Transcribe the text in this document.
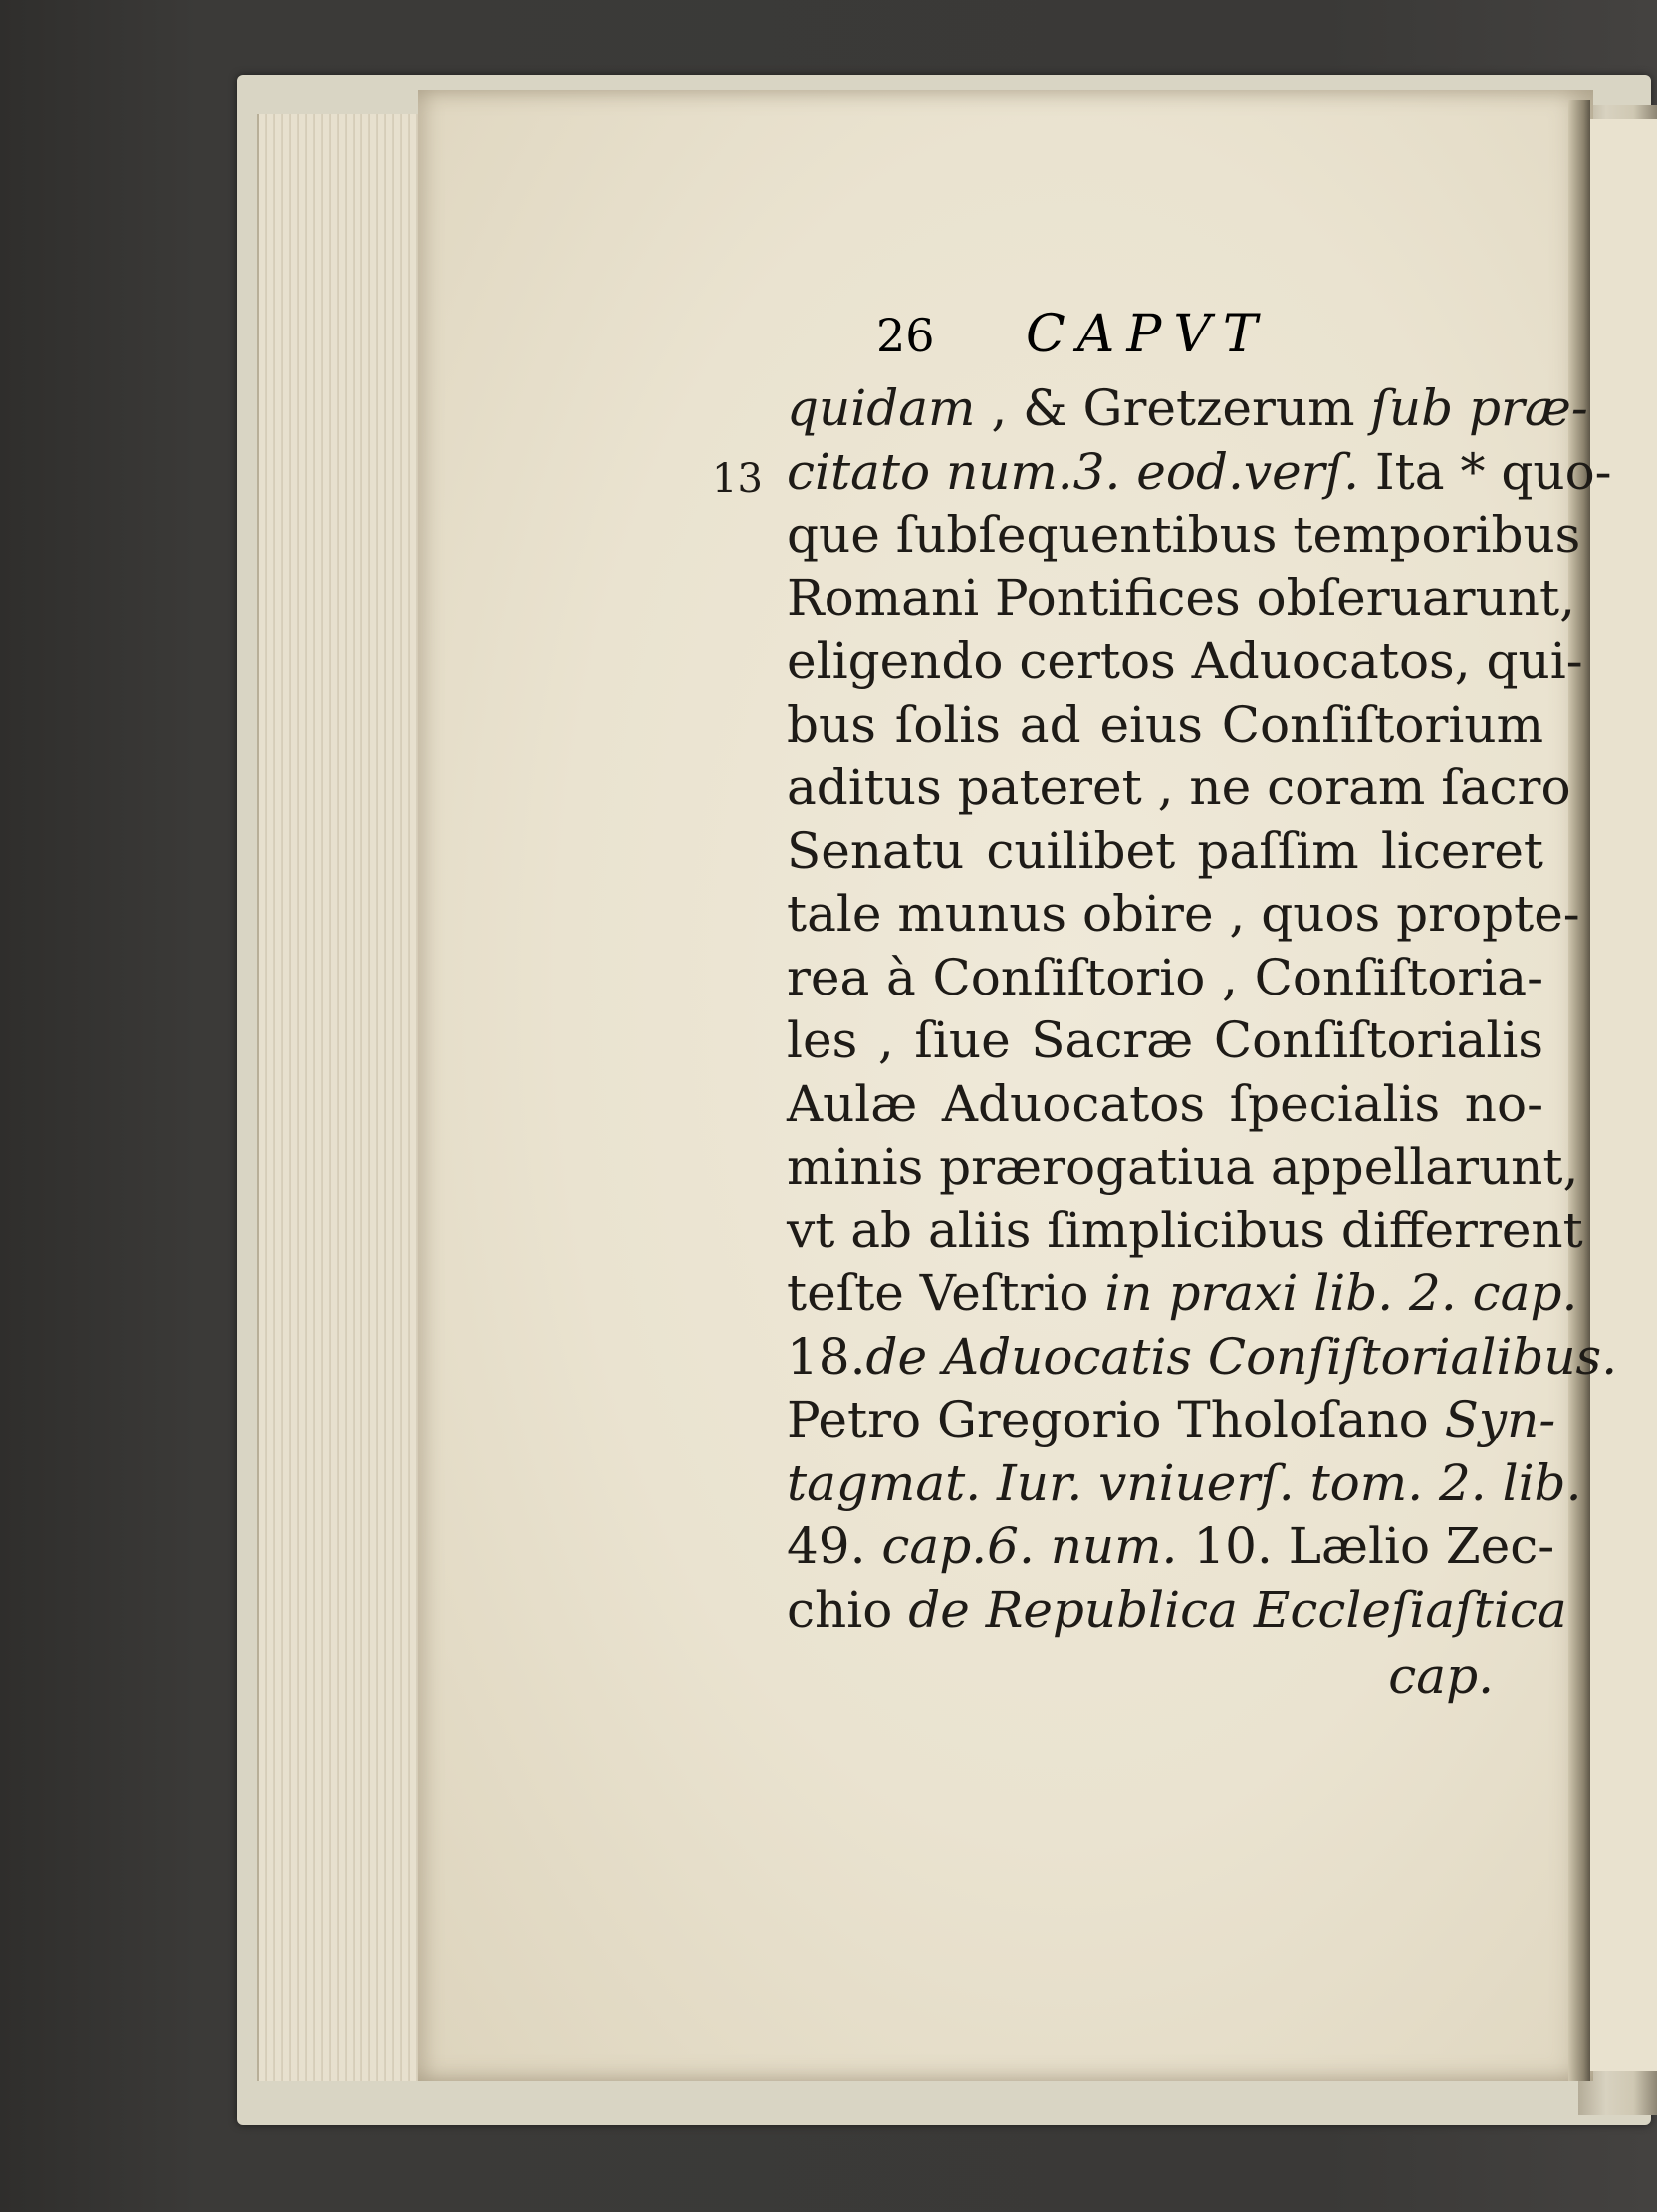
26 CAPVT
13
quidam , & Gretzerum ſub præ-
citato num.3. eod.verſ. Ita * quo-
que ſubſequentibus temporibus
Romani Pontifices obſeruarunt,
eligendo certos Aduocatos, qui-
bus ſolis ad eius Conſiſtorium
aditus pateret , ne coram ſacro
Senatu cuilibet paſſim liceret
tale munus obire , quos propte-
rea à Conſiſtorio , Conſiſtoria-
les , ſiue Sacræ Conſiſtorialis
Aulæ Aduocatos ſpecialis no-
minis prærogatiua appellarunt,
vt ab aliis ſimplicibus differrent
teſte Veſtrio in praxi lib. 2. cap.
18.de Aduocatis Conſiſtorialibus.
Petro Gregorio Tholoſano Syn-
tagmat. Iur. vniuerſ. tom. 2. lib.
49. cap.6. num. 10. Lælio Zec-
chio de Republica Eccleſiaſtica
cap.
